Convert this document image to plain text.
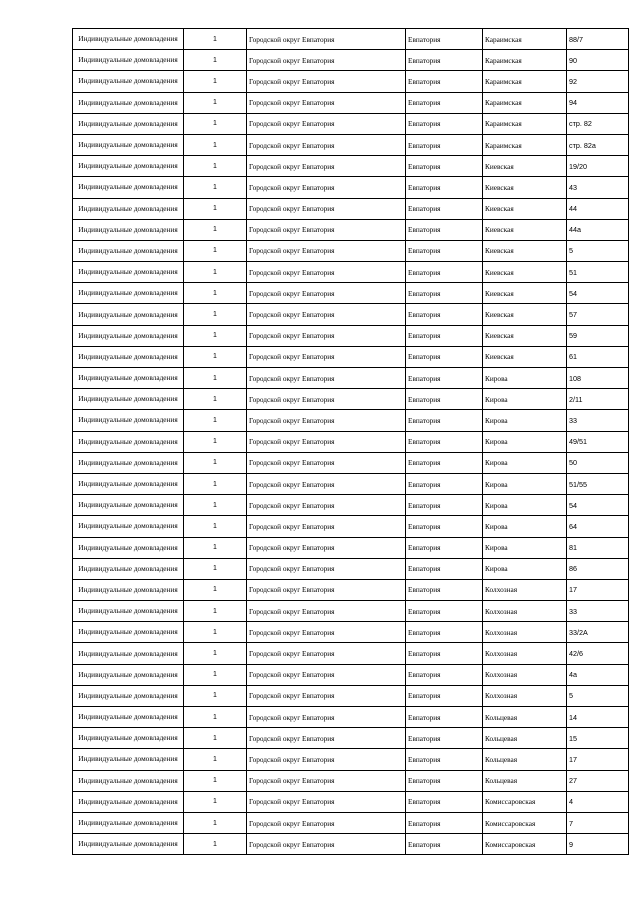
Индивидуальные домовладения	1	Городской округ Евпатория	Евпатория	Караимская	88/7
Индивидуальные домовладения	1	Городской округ Евпатория	Евпатория	Караимская	90
Индивидуальные домовладения	1	Городской округ Евпатория	Евпатория	Караимская	92
Индивидуальные домовладения	1	Городской округ Евпатория	Евпатория	Караимская	94
Индивидуальные домовладения	1	Городской округ Евпатория	Евпатория	Караимская	стр. 82
Индивидуальные домовладения	1	Городской округ Евпатория	Евпатория	Караимская	стр. 82а
Индивидуальные домовладения	1	Городской округ Евпатория	Евпатория	Киевская	19/20
Индивидуальные домовладения	1	Городской округ Евпатория	Евпатория	Киевская	43
Индивидуальные домовладения	1	Городской округ Евпатория	Евпатория	Киевская	44
Индивидуальные домовладения	1	Городской округ Евпатория	Евпатория	Киевская	44а
Индивидуальные домовладения	1	Городской округ Евпатория	Евпатория	Киевская	5
Индивидуальные домовладения	1	Городской округ Евпатория	Евпатория	Киевская	51
Индивидуальные домовладения	1	Городской округ Евпатория	Евпатория	Киевская	54
Индивидуальные домовладения	1	Городской округ Евпатория	Евпатория	Киевская	57
Индивидуальные домовладения	1	Городской округ Евпатория	Евпатория	Киевская	59
Индивидуальные домовладения	1	Городской округ Евпатория	Евпатория	Киевская	61
Индивидуальные домовладения	1	Городской округ Евпатория	Евпатория	Кирова	108
Индивидуальные домовладения	1	Городской округ Евпатория	Евпатория	Кирова	2/11
Индивидуальные домовладения	1	Городской округ Евпатория	Евпатория	Кирова	33
Индивидуальные домовладения	1	Городской округ Евпатория	Евпатория	Кирова	49/51
Индивидуальные домовладения	1	Городской округ Евпатория	Евпатория	Кирова	50
Индивидуальные домовладения	1	Городской округ Евпатория	Евпатория	Кирова	51/55
Индивидуальные домовладения	1	Городской округ Евпатория	Евпатория	Кирова	54
Индивидуальные домовладения	1	Городской округ Евпатория	Евпатория	Кирова	64
Индивидуальные домовладения	1	Городской округ Евпатория	Евпатория	Кирова	81
Индивидуальные домовладения	1	Городской округ Евпатория	Евпатория	Кирова	86
Индивидуальные домовладения	1	Городской округ Евпатория	Евпатория	Колхозная	17
Индивидуальные домовладения	1	Городской округ Евпатория	Евпатория	Колхозная	33
Индивидуальные домовладения	1	Городской округ Евпатория	Евпатория	Колхозная	33/2А
Индивидуальные домовладения	1	Городской округ Евпатория	Евпатория	Колхозная	42/6
Индивидуальные домовладения	1	Городской округ Евпатория	Евпатория	Колхозная	4а
Индивидуальные домовладения	1	Городской округ Евпатория	Евпатория	Колхозная	5
Индивидуальные домовладения	1	Городской округ Евпатория	Евпатория	Кольцевая	14
Индивидуальные домовладения	1	Городской округ Евпатория	Евпатория	Кольцевая	15
Индивидуальные домовладения	1	Городской округ Евпатория	Евпатория	Кольцевая	17
Индивидуальные домовладения	1	Городской округ Евпатория	Евпатория	Кольцевая	27
Индивидуальные домовладения	1	Городской округ Евпатория	Евпатория	Комиссаровская	4
Индивидуальные домовладения	1	Городской округ Евпатория	Евпатория	Комиссаровская	7
Индивидуальные домовладения	1	Городской округ Евпатория	Евпатория	Комиссаровская	9
